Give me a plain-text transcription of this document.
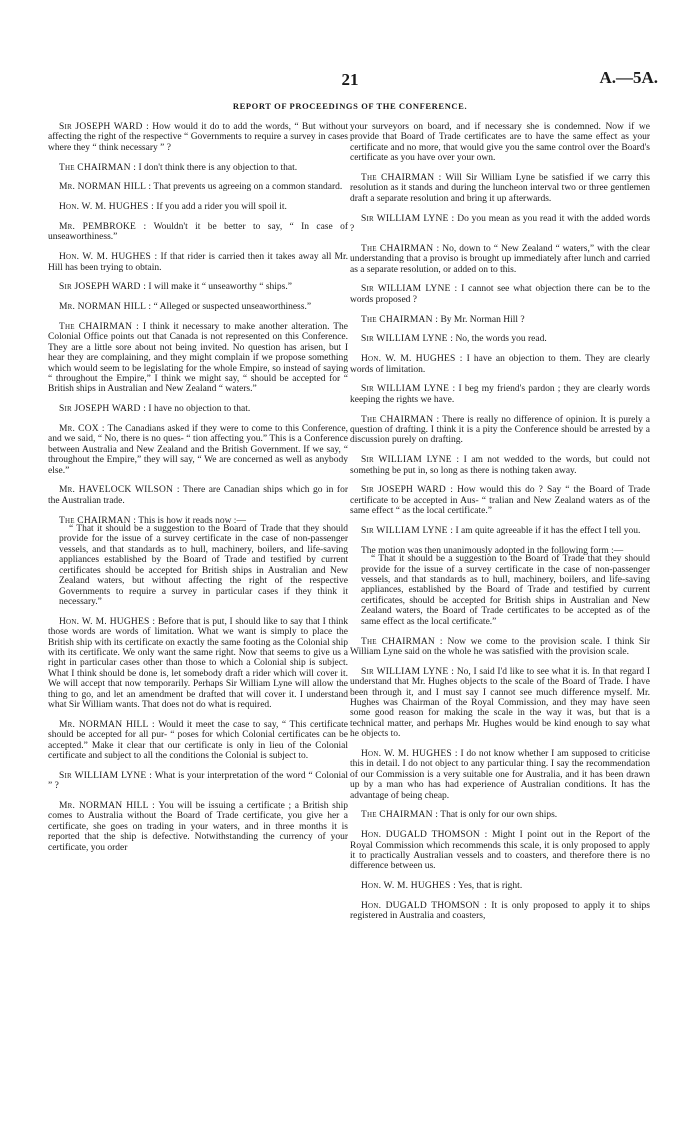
21	A.—5A.
REPORT OF PROCEEDINGS OF THE CONFERENCE.

Sir JOSEPH WARD : How would it do to add the words, “ But without affecting the right of the respective “ Governments to require a survey in cases where they “ think necessary ” ?

The CHAIRMAN : I don't think there is any objection to that.

Mr. NORMAN HILL : That prevents us agreeing on a common standard.

Hon. W. M. HUGHES : If you add a rider you will spoil it.

Mr. PEMBROKE : Wouldn't it be better to say, “ In case of unseaworthiness.”

Hon. W. M. HUGHES : If that rider is carried then it takes away all Mr. Hill has been trying to obtain.

Sir JOSEPH WARD : I will make it “ unseaworthy “ ships.”

Mr. NORMAN HILL : “ Alleged or suspected unseaworthiness.”

The CHAIRMAN : I think it necessary to make another alteration. The Colonial Office points out that Canada is not represented on this Conference. They are a little sore about not being invited. No question has arisen, but I hear they are complaining, and they might complain if we propose something which would seem to be legislating for the whole Empire, so instead of saying “ throughout the Empire,” I think we might say, “ should be accepted for “ British ships in Australian and New Zealand “ waters.”

Sir JOSEPH WARD : I have no objection to that.

Mr. COX : The Canadians asked if they were to come to this Conference, and we said, “ No, there is no ques- “ tion affecting you.” This is a Conference between Australia and New Zealand and the British Government. If we say, “ throughout the Empire,” they will say, “ We are concerned as well as anybody else.”

Mr. HAVELOCK WILSON : There are Canadian ships which go in for the Australian trade.

The CHAIRMAN : This is how it reads now :—

“ That it should be a suggestion to the Board of Trade that they should provide for the issue of a survey certificate in the case of non-passenger vessels, and that standards as to hull, machinery, boilers, and life-saving appliances established by the Board of Trade and testified by current certificates should be accepted for British ships in Australian and New Zealand waters, but without affecting the right of the respective Governments to require a survey in particular cases if they think it necessary.”

Hon. W. M. HUGHES : Before that is put, I should like to say that I think those words are words of limitation. What we want is simply to place the British ship with its certificate on exactly the same footing as the Colonial ship with its certificate. We only want the same right. Now that seems to give us a right in particular cases other than those to which a Colonial ship is subject. What I think should be done is, let somebody draft a rider which will cover it. We will accept that now temporarily. Perhaps Sir William Lyne will allow the thing to go, and let an amendment be drafted that will cover it. I understand what Sir William wants. That does not do what is required.

Mr. NORMAN HILL : Would it meet the case to say, “ This certificate should be accepted for all pur- “ poses for which Colonial certificates can be accepted.” Make it clear that our certificate is only in lieu of the Colonial certificate and subject to all the conditions the Colonial is subject to.

Sir WILLIAM LYNE : What is your interpretation of the word “ Colonial ” ?

Mr. NORMAN HILL : You will be issuing a certificate ; a British ship comes to Australia without the Board of Trade certificate, you give her a certificate, she goes on trading in your waters, and in three months it is reported that the ship is defective. Notwithstanding the currency of your certificate, you order

your surveyors on board, and if necessary she is condemned. Now if we provide that Board of Trade certificates are to have the same effect as your certificate and no more, that would give you the same control over the Board's certificate as you have over your own.

The CHAIRMAN : Will Sir William Lyne be satisfied if we carry this resolution as it stands and during the luncheon interval two or three gentlemen draft a separate resolution and bring it up afterwards.

Sir WILLIAM LYNE : Do you mean as you read it with the added words ?

The CHAIRMAN : No, down to “ New Zealand “ waters,” with the clear understanding that a proviso is brought up immediately after lunch and carried as a separate resolution, or added on to this.

Sir WILLIAM LYNE : I cannot see what objection there can be to the words proposed ?

The CHAIRMAN : By Mr. Norman Hill ?

Sir WILLIAM LYNE : No, the words you read.

Hon. W. M. HUGHES : I have an objection to them. They are clearly words of limitation.

Sir WILLIAM LYNE : I beg my friend's pardon ; they are clearly words keeping the rights we have.

The CHAIRMAN : There is really no difference of opinion. It is purely a question of drafting. I think it is a pity the Conference should be arrested by a discussion purely on drafting.

Sir WILLIAM LYNE : I am not wedded to the words, but could not something be put in, so long as there is nothing taken away.

Sir JOSEPH WARD : How would this do ? Say “ the Board of Trade certificate to be accepted in Aus- “ tralian and New Zealand waters as of the same effect “ as the local certificate.”

Sir WILLIAM LYNE : I am quite agreeable if it has the effect I tell you.

The motion was then unanimously adopted in the following form :—

“ That it should be a suggestion to the Board of Trade that they should provide for the issue of a survey certificate in the case of non-passenger vessels, and that standards as to hull, machinery, boilers, and life-saving appliances, established by the Board of Trade and testified by current certificates, should be accepted for British ships in Australian and New Zealand waters, the Board of Trade certificates to be accepted as of the same effect as the local certificate.”

The CHAIRMAN : Now we come to the provision scale. I think Sir William Lyne said on the whole he was satisfied with the provision scale.

Sir WILLIAM LYNE : No, I said I'd like to see what it is. In that regard I understand that Mr. Hughes objects to the scale of the Board of Trade. I have been through it, and I must say I cannot see much difference myself. Mr. Hughes was Chairman of the Royal Commission, and they may have seen some good reason for making the scale in the way it was, but that is a technical matter, and perhaps Mr. Hughes would be kind enough to say what he objects to.

Hon. W. M. HUGHES : I do not know whether I am supposed to criticise this in detail. I do not object to any particular thing. I say the recommendation of our Commission is a very suitable one for Australia, and it has been drawn up by a man who has had experience of Australian conditions. It has the advantage of being cheap.

The CHAIRMAN : That is only for our own ships.

Hon. DUGALD THOMSON : Might I point out in the Report of the Royal Commission which recommends this scale, it is only proposed to apply it to practically Australian vessels and to coasters, and therefore there is no difference between us.

Hon. W. M. HUGHES : Yes, that is right.

Hon. DUGALD THOMSON : It is only proposed to apply it to ships registered in Australia and coasters,
